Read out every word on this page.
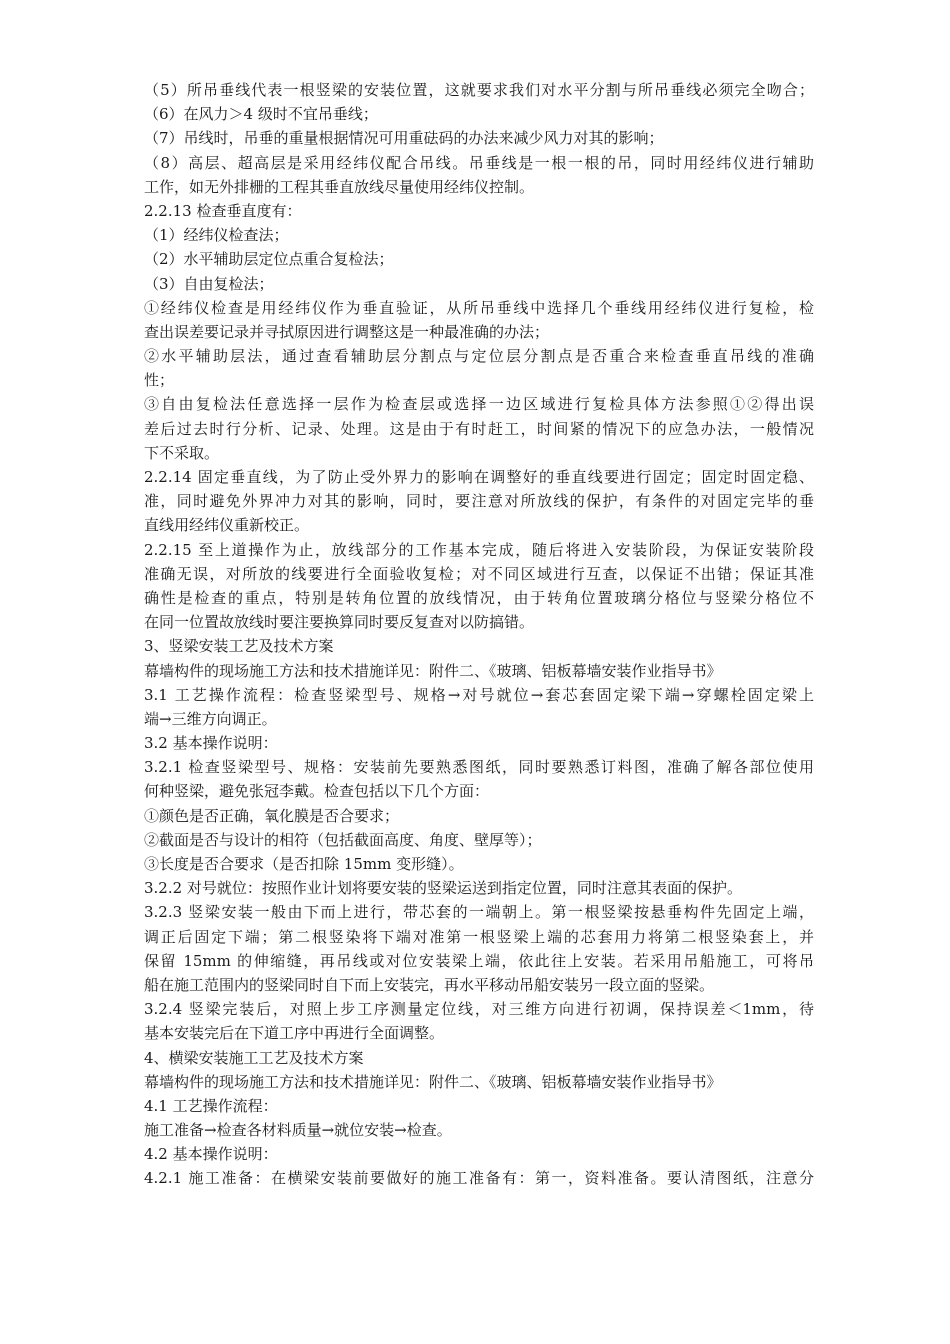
（5）所吊垂线代表一根竖梁的安装位置，这就要求我们对水平分割与所吊垂线必须完全吻合；
（6）在风力＞4 级时不宜吊垂线；
（7）吊线时，吊垂的重量根据情况可用重砝码的办法来减少风力对其的影响；
（8）高层、超高层是采用经纬仪配合吊线。吊垂线是一根一根的吊，同时用经纬仪进行辅助
工作，如无外排栅的工程其垂直放线尽量使用经纬仪控制。
2.2.13 检查垂直度有：
（1）经纬仪检查法；
（2）水平辅助层定位点重合复检法；
（3）自由复检法；
①经纬仪检查是用经纬仪作为垂直验证，从所吊垂线中选择几个垂线用经纬仪进行复检，检
查出误差要记录并寻拭原因进行调整这是一种最准确的办法；
②水平辅助层法，通过查看辅助层分割点与定位层分割点是否重合来检查垂直吊线的准确
性；
③自由复检法任意选择一层作为检查层或选择一边区域进行复检具体方法参照①②得出误
差后过去时行分析、记录、处理。这是由于有时赶工，时间紧的情况下的应急办法，一般情况
下不采取。
2.2.14 固定垂直线，为了防止受外界力的影响在调整好的垂直线要进行固定；固定时固定稳、
准，同时避免外界冲力对其的影响，同时，要注意对所放线的保护，有条件的对固定完毕的垂
直线用经纬仪重新校正。
2.2.15 至上道操作为止，放线部分的工作基本完成，随后将进入安装阶段，为保证安装阶段
准确无误，对所放的线要进行全面验收复检；对不同区域进行互查，以保证不出错；保证其准
确性是检查的重点，特别是转角位置的放线情况，由于转角位置玻璃分格位与竖梁分格位不
在同一位置故放线时要注要换算同时要反复查对以防搞错。
3、竖梁安装工艺及技术方案
幕墙构件的现场施工方法和技术措施详见：附件二、《玻璃、铝板幕墙安装作业指导书》
3.1 工艺操作流程：检查竖梁型号、规格→对号就位→套芯套固定梁下端→穿螺栓固定梁上
端→三维方向调正。
3.2 基本操作说明：
3.2.1 检查竖梁型号、规格：安装前先要熟悉图纸，同时要熟悉订料图，准确了解各部位使用
何种竖梁，避免张冠李戴。检查包括以下几个方面：
①颜色是否正确，氧化膜是否合要求；
②截面是否与设计的相符（包括截面高度、角度、壁厚等）；
③长度是否合要求（是否扣除 15mm 变形缝）。
3.2.2 对号就位：按照作业计划将要安装的竖梁运送到指定位置，同时注意其表面的保护。
3.2.3 竖梁安装一般由下而上进行，带芯套的一端朝上。第一根竖梁按悬垂构件先固定上端，
调正后固定下端；第二根竖染将下端对准第一根竖梁上端的芯套用力将第二根竖染套上，并
保留 15mm 的伸缩缝，再吊线或对位安装梁上端，依此往上安装。若采用吊船施工，可将吊
船在施工范围内的竖梁同时自下而上安装完，再水平移动吊船安装另一段立面的竖梁。
3.2.4 竖梁完装后，对照上步工序测量定位线，对三维方向进行初调，保持误差＜1mm，待
基本安装完后在下道工序中再进行全面调整。
4、横梁安装施工工艺及技术方案
幕墙构件的现场施工方法和技术措施详见：附件二、《玻璃、铝板幕墙安装作业指导书》
4.1 工艺操作流程：
施工准备→检查各材料质量→就位安装→检查。
4.2 基本操作说明：
4.2.1 施工准备：在横梁安装前要做好的施工准备有：第一，资料准备。要认清图纸，注意分
